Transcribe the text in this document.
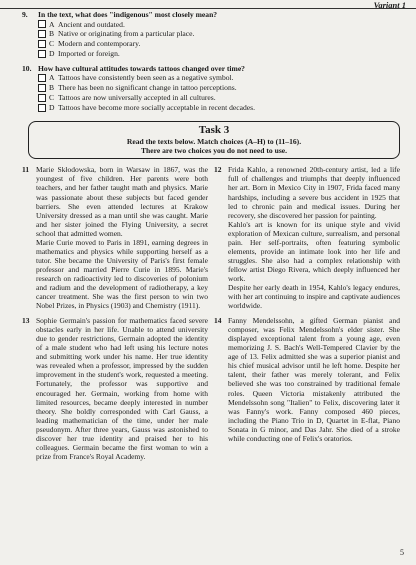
Variant 1
9.	In the text, what does "indigenous" most closely mean?
A Ancient and outdated.
B Native or originating from a particular place.
C Modern and contemporary.
D Imported or foreign.
10. How have cultural attitudes towards tattoos changed over time?
A Tattoos have consistently been seen as a negative symbol.
B There has been no significant change in tattoo perceptions.
C Tattoos are now universally accepted in all cultures.
D Tattoos have become more socially acceptable in recent decades.
Task 3
Read the texts below. Match choices (A–H) to (11–16).
There are two choices you do not need to use.
11 Marie Skłodowska, born in Warsaw in 1867, was the youngest of five children. Her parents were both teachers, and her father taught math and physics. Marie was passionate about these subjects but faced gender barriers. She even attended lectures at Krakow University dressed as a man until she was caught. Marie and her sister joined the Flying University, a secret school that admitted women.

Marie Curie moved to Paris in 1891, earning degrees in mathematics and physics while supporting herself as a tutor. She became the University of Paris's first female professor and married Pierre Curie in 1895. Marie's research on radioactivity led to discoveries of polonium and radium and the development of radiotherapy, a key cancer treatment. She was the first person to win two Nobel Prizes, in Physics (1903) and Chemistry (1911).

12 Frida Kahlo, a renowned 20th-century artist, led a life full of challenges and triumphs that deeply influenced her art. Born in Mexico City in 1907, Frida faced many hardships, including a severe bus accident in 1925 that led to chronic pain and medical issues. During her recovery, she discovered her passion for painting.

Kahlo's art is known for its unique style and vivid exploration of Mexican culture, surrealism, and personal pain. Her self-portraits, often featuring symbolic elements, provide an intimate look into her life and struggles. She also had a complex relationship with fellow artist Diego Rivera, which deeply influenced her work.

Despite her early death in 1954, Kahlo's legacy endures, with her art continuing to inspire and captivate audiences worldwide.

13 Sophie Germain's passion for mathematics faced severe obstacles early in her life. Unable to attend university due to gender restrictions, Germain adopted the identity of a male student who had left using his lecture notes and submitting work under his name. Her true identity was revealed when a professor, impressed by the sudden improvement in the student's work, requested a meeting. Fortunately, the professor was supportive and encouraged her. Germain, working from home with limited resources, became deeply interested in number theory. She boldly corresponded with Carl Gauss, a leading mathematician of the time, under her male pseudonym. After three years, Gauss was astonished to discover her true identity and praised her to his colleagues. Germain became the first woman to win a prize from France's Royal Academy.

14 Fanny Mendelssohn, a gifted German pianist and composer, was Felix Mendelssohn's elder sister. She displayed exceptional talent from a young age, even memorizing J. S. Bach's Well-Tempered Clavier by the age of 13. Felix admitted she was a superior pianist and his chief musical advisor until he left home. Despite her talent, their father was merely tolerant, and Felix believed she was too constrained by traditional female roles. Queen Victoria mistakenly attributed the Mendelssohn song "Italien" to Felix, discovering later it was Fanny's work. Fanny composed 460 pieces, including the Piano Trio in D, Quartet in E-flat, Piano Sonata in G minor, and Das Jahr. She died of a stroke while conducting one of Felix's oratorios.

5
